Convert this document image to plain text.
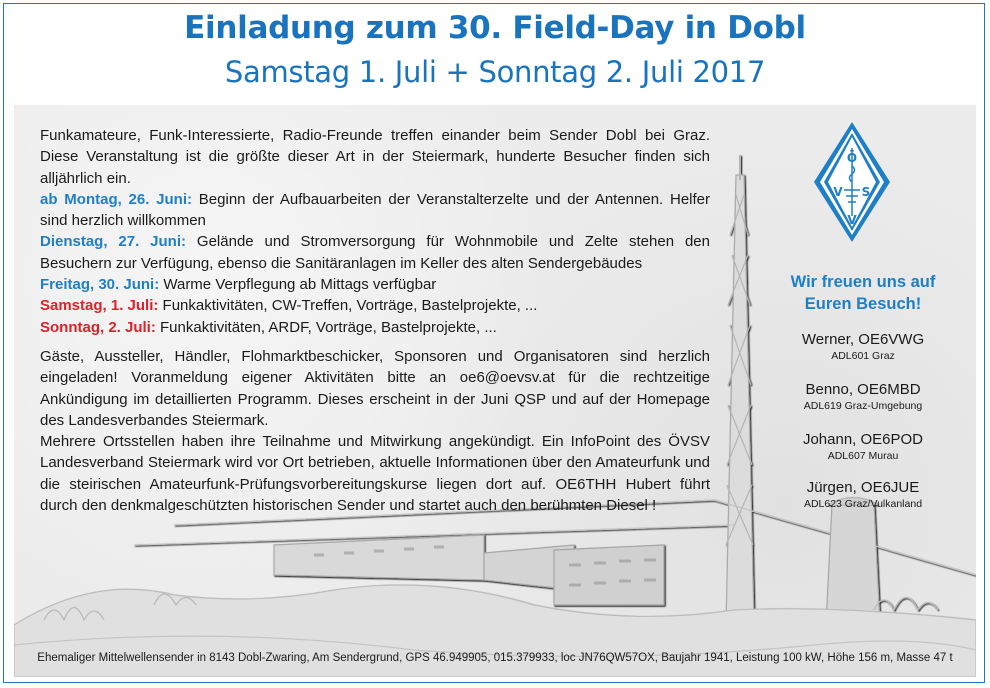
Einladung zum 30. Field-Day in Dobl
Samstag 1. Juli + Sonntag 2. Juli 2017

Funkamateure, Funk-Interessierte, Radio-Freunde treffen einander beim Sender Dobl bei Graz. Diese Veranstaltung ist die größte dieser Art in der Steiermark, hunderte Besucher finden sich alljährlich ein.

ab Montag, 26. Juni: Beginn der Aufbauarbeiten der Veranstalterzelte und der Antennen. Helfer sind herzlich willkommen

Dienstag, 27. Juni: Gelände und Stromversorgung für Wohnmobile und Zelte stehen den Besuchern zur Verfügung, ebenso die Sanitäranlagen im Keller des alten Sendergebäudes

Freitag, 30. Juni: Warme Verpflegung ab Mittags verfügbar

Samstag, 1. Juli: Funkaktivitäten, CW-Treffen, Vorträge, Bastelprojekte, ...

Sonntag, 2. Juli: Funkaktivitäten, ARDF, Vorträge, Bastelprojekte, ...

Gäste, Aussteller, Händler, Flohmarktbeschicker, Sponsoren und Organisatoren sind herzlich eingeladen! Voranmeldung eigener Aktivitäten bitte an oe6@oevsv.at für die rechtzeitige Ankündigung im detaillierten Programm. Dieses erscheint in der Juni QSP und auf der Homepage des Landesverbandes Steiermark.

Mehrere Ortsstellen haben ihre Teilnahme und Mitwirkung angekündigt. Ein InfoPoint des ÖVSV Landesverband Steiermark wird vor Ort betrieben, aktuelle Informationen über den Amateurfunk und die steirischen Amateurfunk-Prüfungsvorbereitungskurse liegen dort auf. OE6THH Hubert führt durch den denkmalgeschützten historischen Sender und startet auch den berühmten Diesel !

Wir freuen uns auf
Euren Besuch!
Werner, OE6VWG
ADL601 Graz
Benno, OE6MBD
ADL619 Graz-Umgebung
Johann, OE6POD
ADL607 Murau
Jürgen, OE6JUE
ADL623 Graz/Vulkanland
Ehemaliger Mittelwellensender in 8143 Dobl-Zwaring, Am Sendergrund, GPS 46.949905, 015.379933, loc JN76QW57OX, Baujahr 1941, Leistung 100 kW, Höhe 156 m, Masse 47 t
Ö
V S
V
